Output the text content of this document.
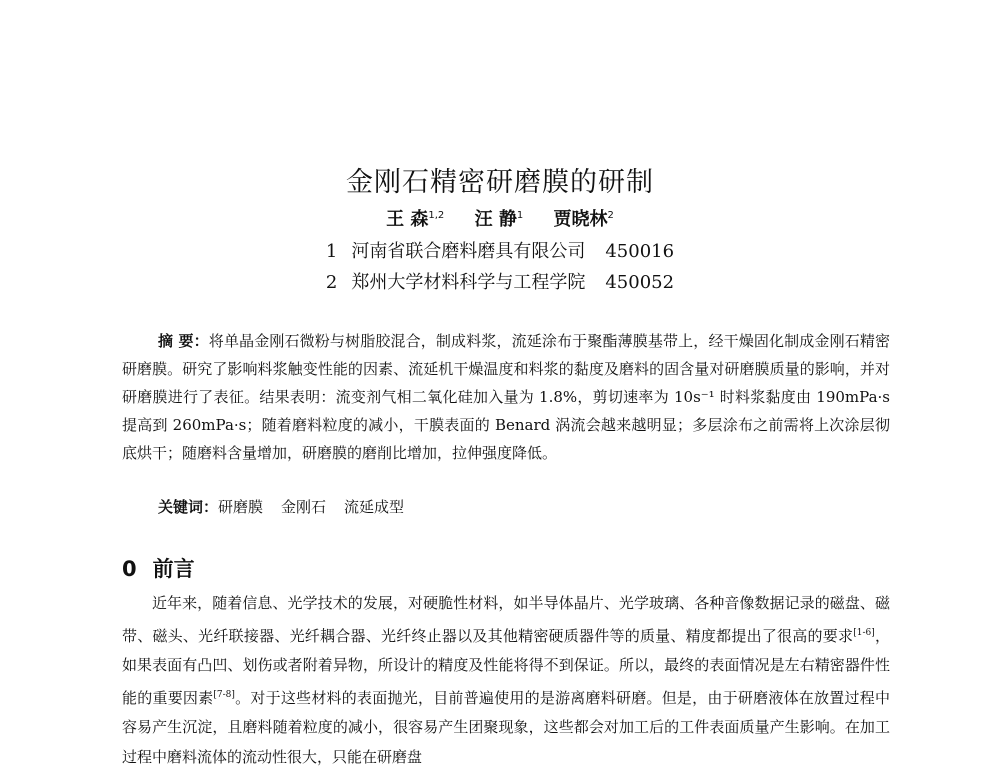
金刚石精密研磨膜的研制
王 森$^{1,2}$ 汪 静$^1$ 贾晓林$^2$
1 河南省联合磨料磨具有限公司 450016
2 郑州大学材料科学与工程学院 450052
摘 要：将单晶金刚石微粉与树脂胶混合，制成料浆，流延涂布于聚酯薄膜基带上，经干燥固化制成金刚石精密研磨膜。研究了影响料浆触变性能的因素、流延机干燥温度和料浆的黏度及磨料的固含量对研磨膜质量的影响，并对研磨膜进行了表征。结果表明：流变剂气相二氧化硅加入量为 1.8%，剪切速率为 10s⁻¹ 时料浆黏度由 190mPa·s 提高到 260mPa·s；随着磨料粒度的减小，干膜表面的 Benard 涡流会越来越明显；多层涂布之前需将上次涂层彻底烘干；随磨料含量增加，研磨膜的磨削比增加，拉伸强度降低。
关键词：研磨膜 金刚石 流延成型
0 前言
近年来，随着信息、光学技术的发展，对硬脆性材料，如半导体晶片、光学玻璃、各种音像数据记录的磁盘、磁带、磁头、光纤联接器、光纤耦合器、光纤终止器以及其他精密硬质器件等的质量、精度都提出了很高的要求[1-6]，如果表面有凸凹、划伤或者附着异物，所设计的精度及性能将得不到保证。所以，最终的表面情况是左右精密器件性能的重要因素[7-8]。对于这些材料的表面抛光，目前普遍使用的是游离磨料研磨。但是，由于研磨液体在放置过程中容易产生沉淀，且磨料随着粒度的减小，很容易产生团聚现象，这些都会对加工后的工件表面质量产生影响。在加工过程中磨料流体的流动性很大，只能在研磨盘
